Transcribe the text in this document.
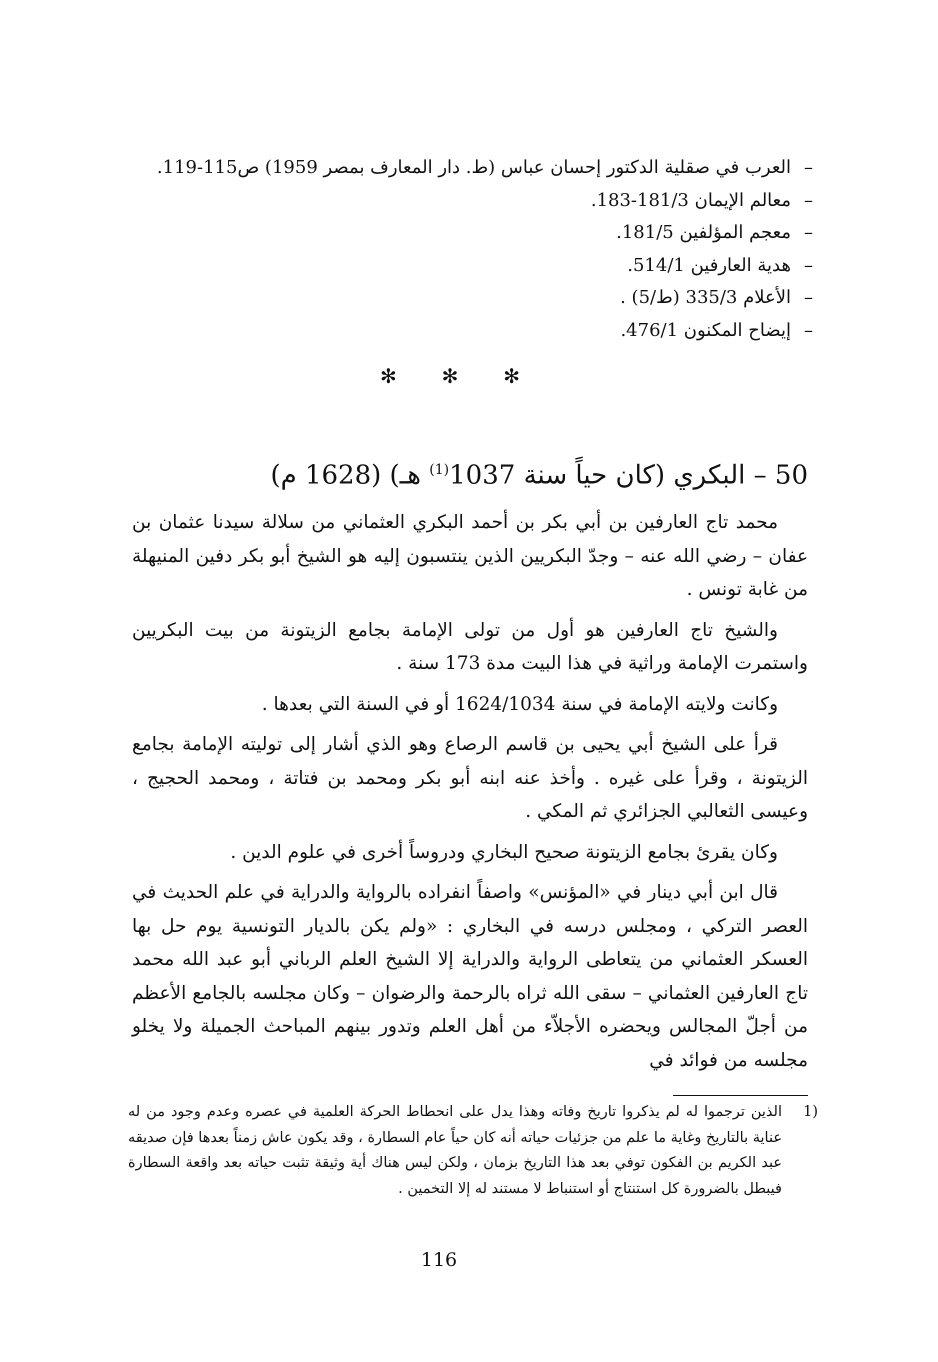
–العرب في صقلية الدكتور إحسان عباس (ط. دار المعارف بمصر 1959) ص115-119.
–معالم الإيمان 181/3-183.
–معجم المؤلفين 181/5.
–هدية العارفين 514/1.
–الأعلام 335/3 (ط/5) .
–إيضاح المكنون 476/1.
✻ ✻ ✻
50 – البكري (كان حياً سنة 1037$^{(1)}$ هـ) (1628 م)

محمد تاج العارفين بن أبي بكر بن أحمد البكري العثماني من سلالة سيدنا عثمان بن عفان – رضي الله عنه – وجدّ البكريين الذين ينتسبون إليه هو الشيخ أبو بكر دفين المنيهلة من غابة تونس .

والشيخ تاج العارفين هو أول من تولى الإمامة بجامع الزيتونة من بيت البكريين واستمرت الإمامة وراثية في هذا البيت مدة 173 سنة .

وكانت ولايته الإمامة في سنة 1624/1034 أو في السنة التي بعدها .

قرأ على الشيخ أبي يحيى بن قاسم الرصاع وهو الذي أشار إلى توليته الإمامة بجامع الزيتونة ، وقرأ على غيره . وأخذ عنه ابنه أبو بكر ومحمد بن فتاتة ، ومحمد الحجيج ، وعيسى الثعالبي الجزائري ثم المكي .

وكان يقرئ بجامع الزيتونة صحيح البخاري ودروساً أخرى في علوم الدين .

قال ابن أبي دينار في «المؤنس» واصفاً انفراده بالرواية والدراية في علم الحديث في العصر التركي ، ومجلس درسه في البخاري : «ولم يكن بالديار التونسية يوم حل بها العسكر العثماني من يتعاطى الرواية والدراية إلا الشيخ العلم الرباني أبو عبد الله محمد تاج العارفين العثماني – سقى الله ثراه بالرحمة والرضوان – وكان مجلسه بالجامع الأعظم من أجلّ المجالس ويحضره الأجلاّء من أهل العلم وتدور بينهم المباحث الجميلة ولا يخلو مجلسه من فوائد في

1)
الذين ترجموا له لم يذكروا تاريخ وفاته وهذا يدل على انحطاط الحركة العلمية في عصره وعدم وجود من له عناية بالتاريخ وغاية ما علم من جزئيات حياته أنه كان حياً عام السطارة ، وقد يكون عاش زمناً بعدها فإن صديقه عبد الكريم بن الفكون توفي بعد هذا التاريخ بزمان ، ولكن ليس هناك أية وثيقة تثبت حياته بعد واقعة السطارة فيبطل بالضرورة كل استنتاج أو استنباط لا مستند له إلا التخمين .
116
